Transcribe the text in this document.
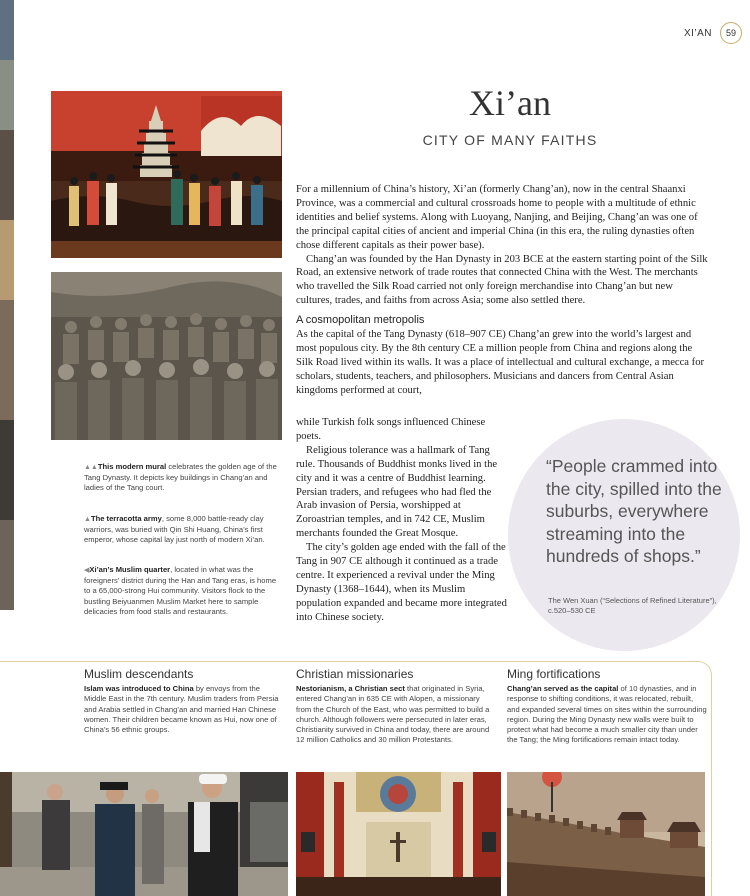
XI’AN	59
Xi’an
CITY OF MANY FAITHS

For a millennium of China’s history, Xi’an (formerly Chang’an), now in the central Shaanxi Province, was a commercial and cultural crossroads home to people with a multitude of ethnic identities and belief systems. Along with Luoyang, Nanjing, and Beijing, Chang’an was one of the principal capital cities of ancient and imperial China (in this era, the ruling dynasties often chose different capitals as their power base).

Chang’an was founded by the Han Dynasty in 203 BCE at the eastern starting point of the Silk Road, an extensive network of trade routes that connected China with the West. The merchants who travelled the Silk Road carried not only foreign merchandise into Chang’an but new cultures, trades, and faiths from across Asia; some also settled there.

A cosmopolitan metropolis

As the capital of the Tang Dynasty (618–907 CE) Chang’an grew into the world’s largest and most populous city. By the 8th century CE a million people from China and regions along the Silk Road lived within its walls. It was a place of intellectual and cultural exchange, a mecca for scholars, students, teachers, and philosophers. Musicians and dancers from Central Asian kingdoms performed at court,

while Turkish folk songs influenced Chinese poets.

Religious tolerance was a hallmark of Tang rule. Thousands of Buddhist monks lived in the city and it was a centre of Buddhist learning. Persian traders, and refugees who had fled the Arab invasion of Persia, worshipped at Zoroastrian temples, and in 742 CE, Muslim merchants founded the Great Mosque.

The city’s golden age ended with the fall of the Tang in 907 CE although it continued as a trade centre. It experienced a revival under the Ming Dynasty (1368–1644), when its Muslim population expanded and became more integrated into Chinese society.

“People crammed into the city, spilled into the suburbs, everywhere streaming into the hundreds of shops.”
The Wen Xuan (“Selections of Refined Literature”), c.520–530 CE
▲▲This modern mural celebrates the golden age of the Tang Dynasty. It depicts key buildings in Chang’an and ladies of the Tang court.
▲The terracotta army, some 8,000 battle-ready clay warriors, was buried with Qin Shi Huang, China’s first emperor, whose capital lay just north of modern Xi’an.
◀Xi’an’s Muslim quarter, located in what was the foreigners’ district during the Han and Tang eras, is home to a 65,000-strong Hui community. Visitors flock to the bustling Beiyuanmen Muslim Market here to sample delicacies from food stalls and restaurants.
Muslim descendants
Islam was introduced to China by envoys from the Middle East in the 7th century. Muslim traders from Persia and Arabia settled in Chang’an and married Han Chinese women. Their children became known as Hui, now one of China’s 56 ethnic groups.
Christian missionaries
Nestorianism, a Christian sect that originated in Syria, entered Chang’an in 635 CE with Alopen, a missionary from the Church of the East, who was permitted to build a church. Although followers were persecuted in later eras, Christianity survived in China and today, there are around 12 million Catholics and 30 million Protestants.
Ming fortifications
Chang’an served as the capital of 10 dynasties, and in response to shifting conditions, it was relocated, rebuilt, and expanded several times on sites within the surrounding region. During the Ming Dynasty new walls were built to protect what had become a much smaller city than under the Tang; the Ming fortifications remain intact today.
